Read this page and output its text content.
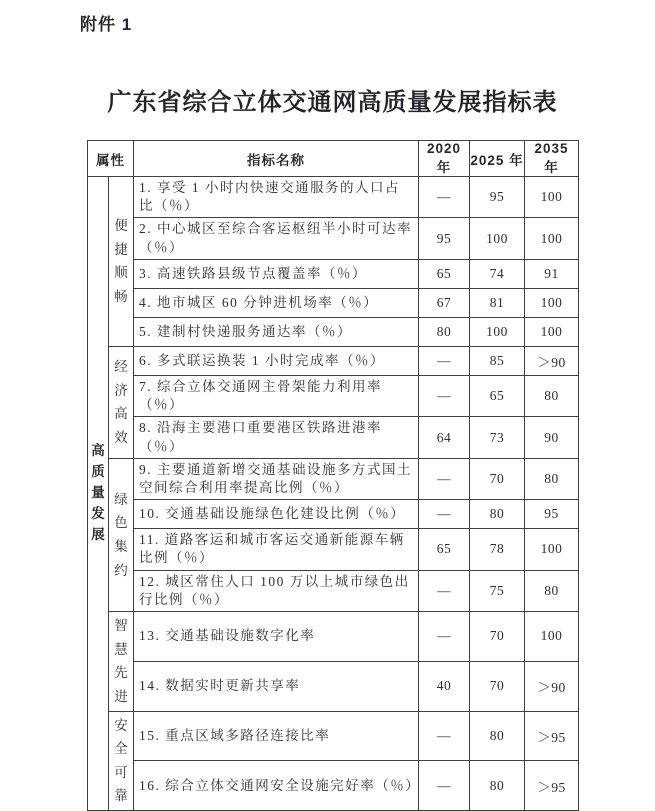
附件 1
广东省综合立体交通网高质量发展指标表
属性		指标名称	2020 年	2025 年	2035 年
高质量发展	便捷顺畅	1. 享受 1 小时内快速交通服务的人口占比（％）	—	95	100
		2. 中心城区至综合客运枢纽半小时可达率（％）	95	100	100
		3. 高速铁路县级节点覆盖率（％）	65	74	91
		4. 地市城区 60 分钟进机场率（％）	67	81	100
		5. 建制村快递服务通达率（％）	80	100	100
	经济高效	6. 多式联运换装 1 小时完成率（％）	—	85	＞90
		7. 综合立体交通网主骨架能力利用率（％）	—	65	80
		8. 沿海主要港口重要港区铁路进港率（％）	64	73	90
	绿色集约	9. 主要通道新增交通基础设施多方式国土空间综合利用率提高比例（％）	—	70	80
		10. 交通基础设施绿色化建设比例（％）	—	80	95
		11. 道路客运和城市客运交通新能源车辆比例（％）	65	78	100
		12. 城区常住人口 100 万以上城市绿色出行比例（％）	—	75	80
	智慧先进	13. 交通基础设施数字化率	—	70	100
		14. 数据实时更新共享率	40	70	＞90
	安全可靠	15. 重点区域多路径连接比率	—	80	＞95
		16. 综合立体交通网安全设施完好率（％）	—	80	＞95
